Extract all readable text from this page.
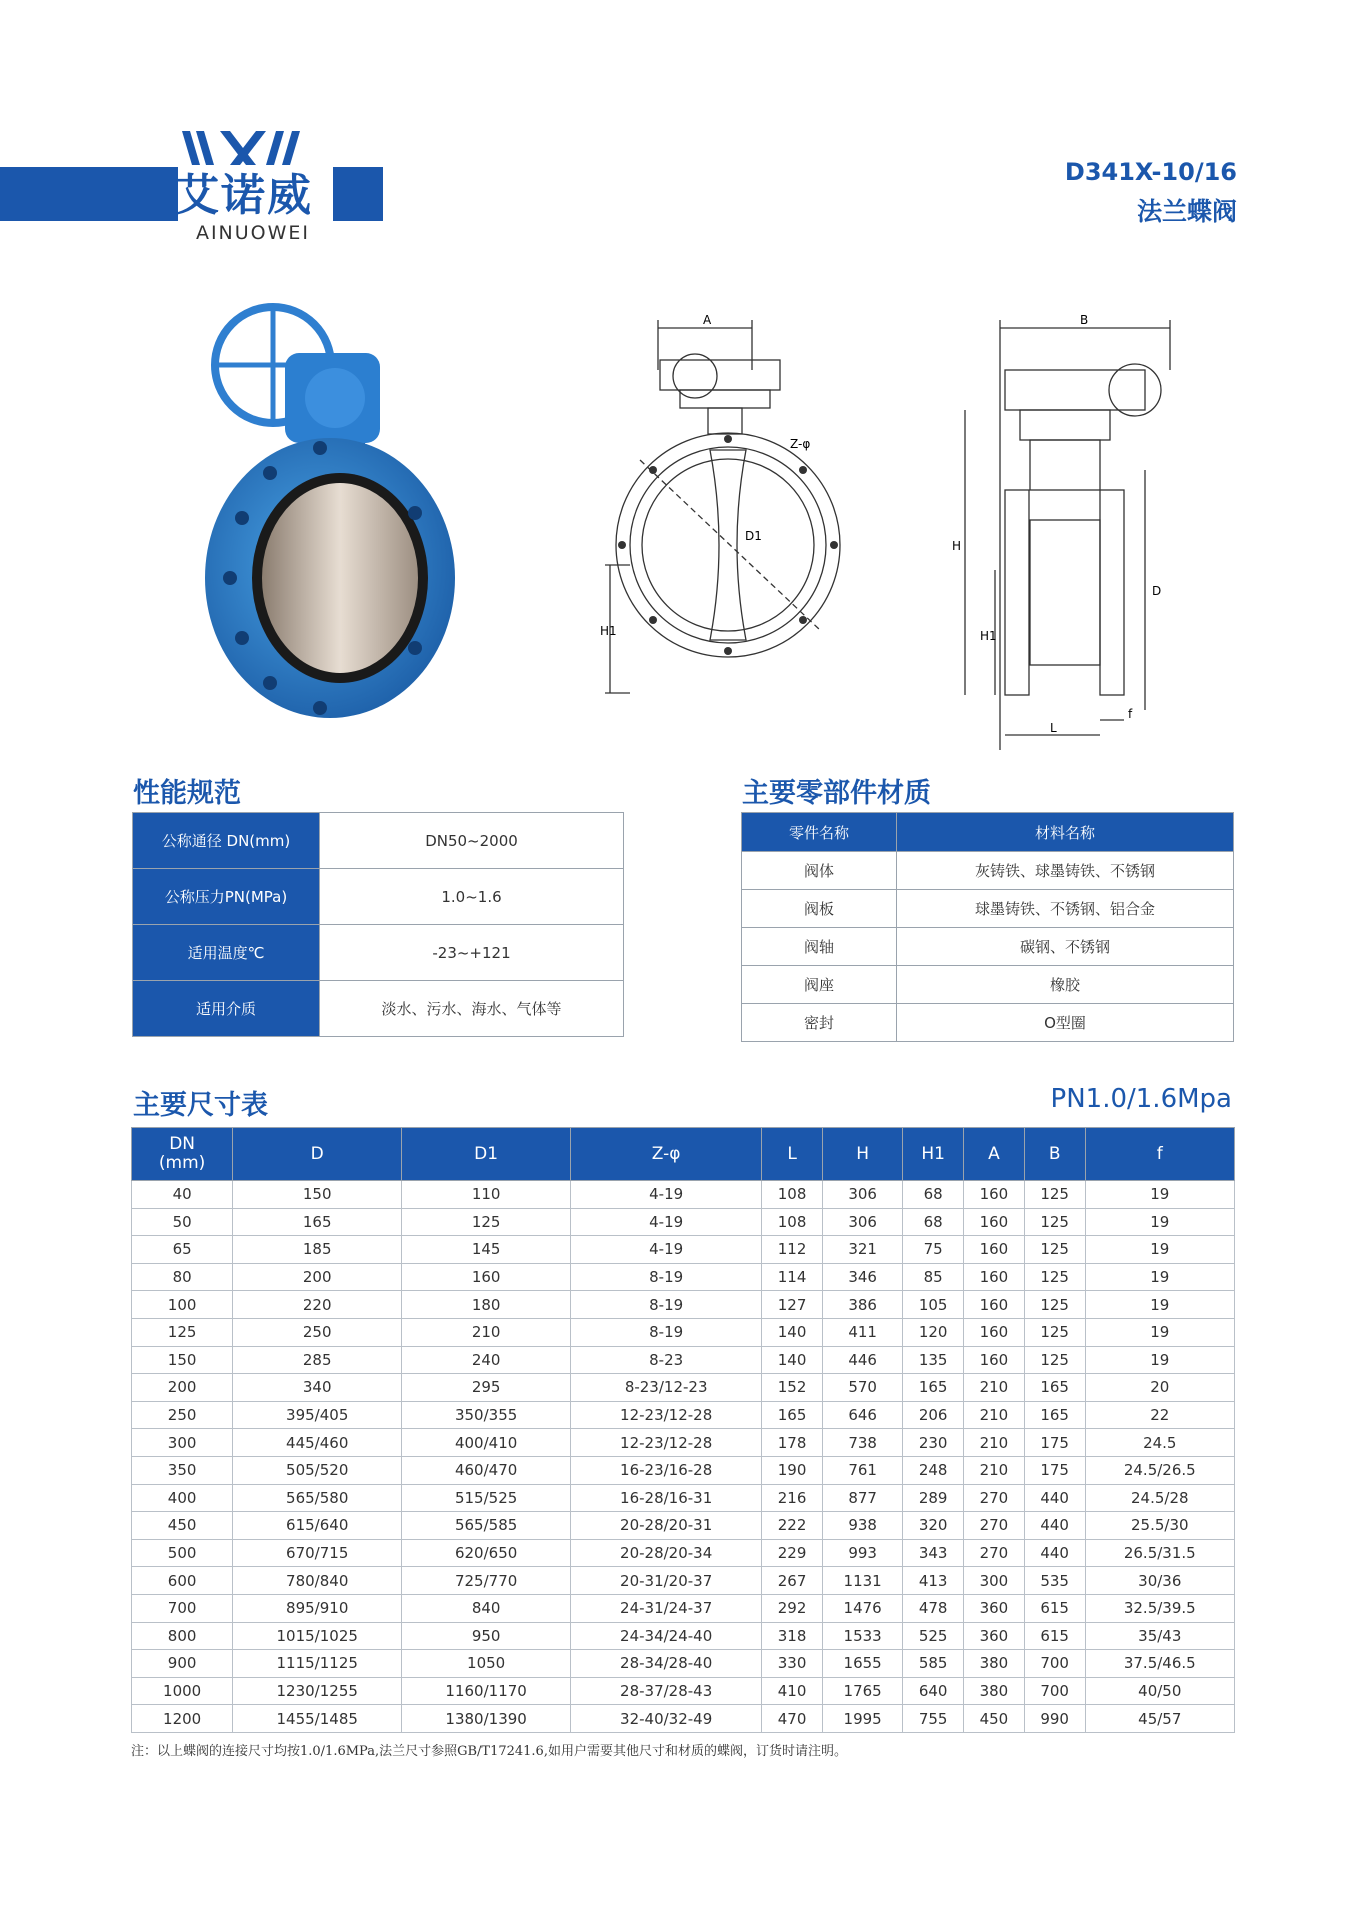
艾诺威
AINUOWEI
D341X-10/16
法兰蝶阀
A
Z-φ
D1
H1
B
H
H1
D
L
f
性能规范
公称通径 DN(mm)	DN50~2000
公称压力PN(MPa)	1.0~1.6
适用温度℃	-23~+121
适用介质	淡水、污水、海水、气体等
主要零部件材质
零件名称	材料名称
阀体	灰铸铁、球墨铸铁、不锈钢
阀板	球墨铸铁、不锈钢、铝合金
阀轴	碳钢、不锈钢
阀座	橡胶
密封	O型圈
主要尺寸表	PN1.0/1.6Mpa
DN
(mm)	D	D1	Z-φ	L	H	H1	A	B	f
40	150	110	4-19	108	306	68	160	125	19
50	165	125	4-19	108	306	68	160	125	19
65	185	145	4-19	112	321	75	160	125	19
80	200	160	8-19	114	346	85	160	125	19
100	220	180	8-19	127	386	105	160	125	19
125	250	210	8-19	140	411	120	160	125	19
150	285	240	8-23	140	446	135	160	125	19
200	340	295	8-23/12-23	152	570	165	210	165	20
250	395/405	350/355	12-23/12-28	165	646	206	210	165	22
300	445/460	400/410	12-23/12-28	178	738	230	210	175	24.5
350	505/520	460/470	16-23/16-28	190	761	248	210	175	24.5/26.5
400	565/580	515/525	16-28/16-31	216	877	289	270	440	24.5/28
450	615/640	565/585	20-28/20-31	222	938	320	270	440	25.5/30
500	670/715	620/650	20-28/20-34	229	993	343	270	440	26.5/31.5
600	780/840	725/770	20-31/20-37	267	1131	413	300	535	30/36
700	895/910	840	24-31/24-37	292	1476	478	360	615	32.5/39.5
800	1015/1025	950	24-34/24-40	318	1533	525	360	615	35/43
900	1115/1125	1050	28-34/28-40	330	1655	585	380	700	37.5/46.5
1000	1230/1255	1160/1170	28-37/28-43	410	1765	640	380	700	40/50
1200	1455/1485	1380/1390	32-40/32-49	470	1995	755	450	990	45/57
注：以上蝶阀的连接尺寸均按1.0/1.6MPa,法兰尺寸参照GB/T17241.6,如用户需要其他尺寸和材质的蝶阀，订货时请注明。
